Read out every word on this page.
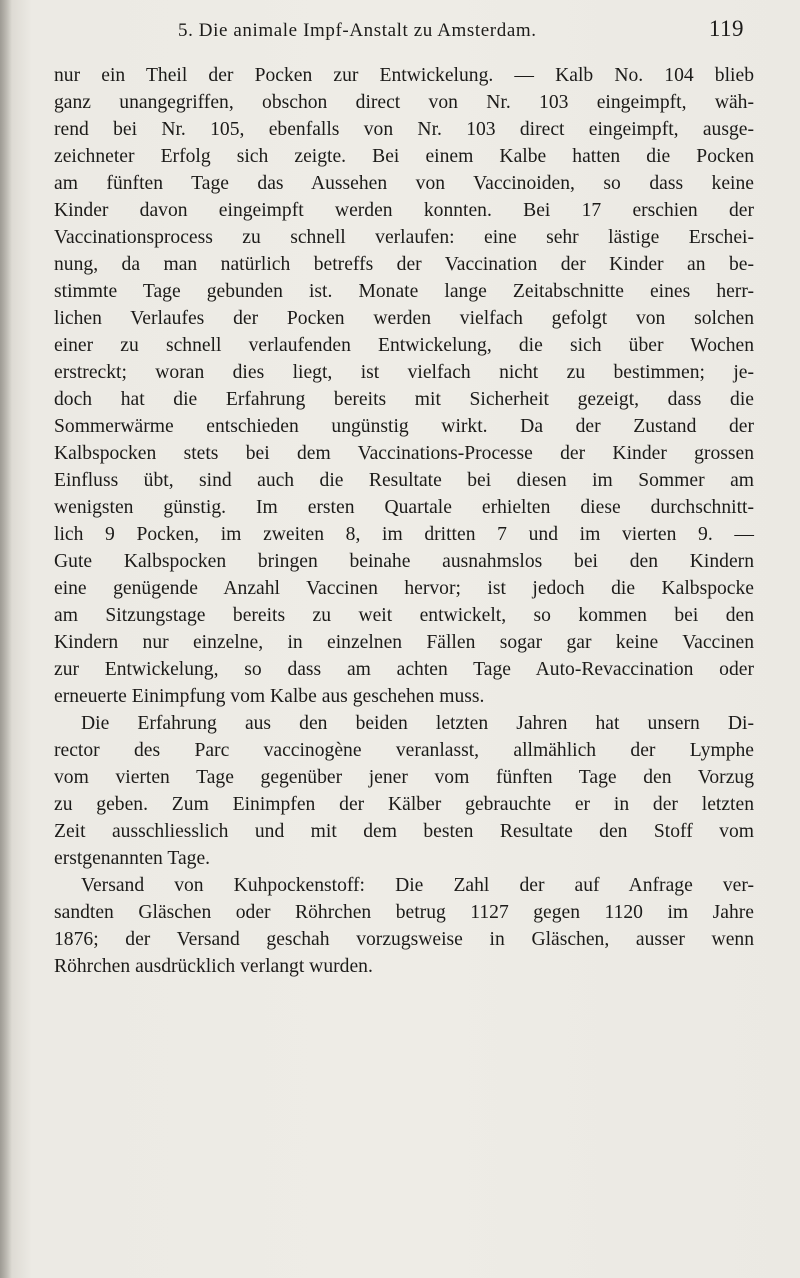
5. Die animale Impf-Anstalt zu Amsterdam.	119
nur ein Theil der Pocken zur Entwickelung. — Kalb No. 104 blieb
ganz unangegriffen, obschon direct von Nr. 103 eingeimpft, wäh-
rend bei Nr. 105, ebenfalls von Nr. 103 direct eingeimpft, ausge-
zeichneter Erfolg sich zeigte. Bei einem Kalbe hatten die Pocken
am fünften Tage das Aussehen von Vaccinoiden, so dass keine
Kinder davon eingeimpft werden konnten. Bei 17 erschien der
Vaccinationsprocess zu schnell verlaufen: eine sehr lästige Erschei-
nung, da man natürlich betreffs der Vaccination der Kinder an be-
stimmte Tage gebunden ist. Monate lange Zeitabschnitte eines herr-
lichen Verlaufes der Pocken werden vielfach gefolgt von solchen
einer zu schnell verlaufenden Entwickelung, die sich über Wochen
erstreckt; woran dies liegt, ist vielfach nicht zu bestimmen; je-
doch hat die Erfahrung bereits mit Sicherheit gezeigt, dass die
Sommerwärme entschieden ungünstig wirkt. Da der Zustand der
Kalbspocken stets bei dem Vaccinations-Processe der Kinder grossen
Einfluss übt, sind auch die Resultate bei diesen im Sommer am
wenigsten günstig. Im ersten Quartale erhielten diese durchschnitt-
lich 9 Pocken, im zweiten 8, im dritten 7 und im vierten 9. —
Gute Kalbspocken bringen beinahe ausnahmslos bei den Kindern
eine genügende Anzahl Vaccinen hervor; ist jedoch die Kalbspocke
am Sitzungstage bereits zu weit entwickelt, so kommen bei den
Kindern nur einzelne, in einzelnen Fällen sogar gar keine Vaccinen
zur Entwickelung, so dass am achten Tage Auto-Revaccination oder
erneuerte Einimpfung vom Kalbe aus geschehen muss.
Die Erfahrung aus den beiden letzten Jahren hat unsern Di-
rector des Parc vaccinogène veranlasst, allmählich der Lymphe
vom vierten Tage gegenüber jener vom fünften Tage den Vorzug
zu geben. Zum Einimpfen der Kälber gebrauchte er in der letzten
Zeit ausschliesslich und mit dem besten Resultate den Stoff vom
erstgenannten Tage.
Versand von Kuhpockenstoff: Die Zahl der auf Anfrage ver-
sandten Gläschen oder Röhrchen betrug 1127 gegen 1120 im Jahre
1876; der Versand geschah vorzugsweise in Gläschen, ausser wenn
Röhrchen ausdrücklich verlangt wurden.
